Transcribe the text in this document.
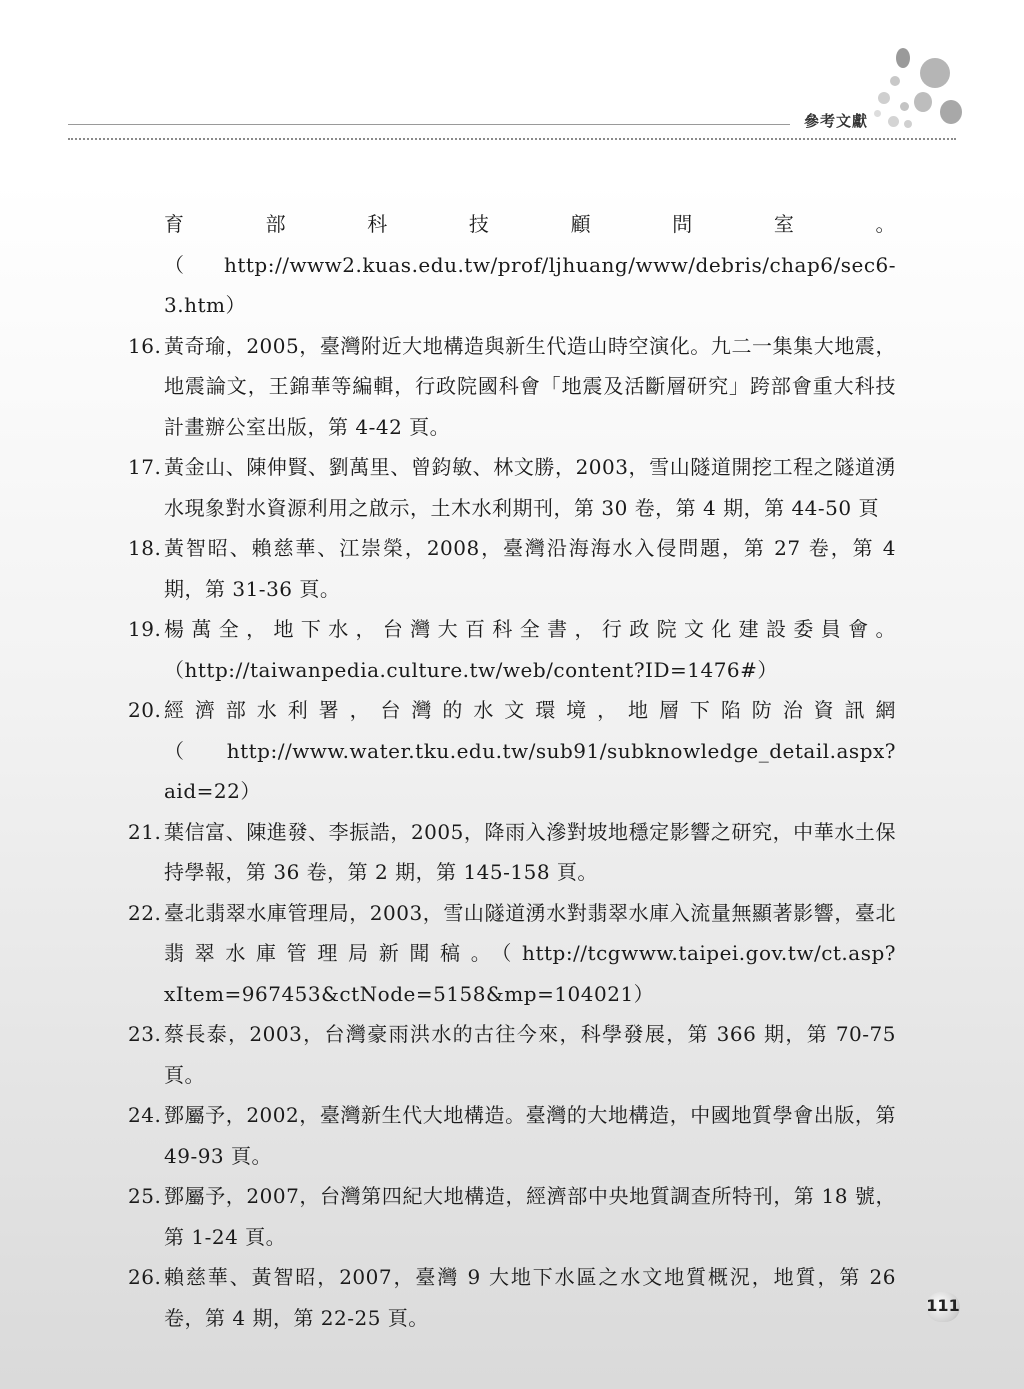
參考文獻
育部科技顧問室。（http://www2.kuas.edu.tw/prof/ljhuang/www/debris/chap6/sec6-3.htm）
16. 黃奇瑜，2005，臺灣附近大地構造與新生代造山時空演化。九二一集集大地震，地震論文，王錦華等編輯，行政院國科會「地震及活斷層研究」跨部會重大科技計畫辦公室出版，第 4-42 頁。
17. 黃金山、陳伸賢、劉萬里、曾鈞敏、林文勝，2003，雪山隧道開挖工程之隧道湧水現象對水資源利用之啟示，土木水利期刊，第 30 卷，第 4 期，第 44-50 頁
18. 黃智昭、賴慈華、江崇榮，2008，臺灣沿海海水入侵問題，第 27 卷，第 4 期，第 31-36 頁。
19. 楊萬全，地下水，台灣大百科全書，行政院文化建設委員會。（http://taiwanpedia.culture.tw/web/content?ID=1476#）
20. 經濟部水利署，台灣的水文環境，地層下陷防治資訊網（http://www.water.tku.edu.tw/sub91/subknowledge_detail.aspx?aid=22）
21. 葉信富、陳進發、李振誥，2005，降雨入滲對坡地穩定影響之研究，中華水土保持學報，第 36 卷，第 2 期，第 145-158 頁。
22. 臺北翡翠水庫管理局，2003，雪山隧道湧水對翡翠水庫入流量無顯著影響，臺北翡翠水庫管理局新聞稿。（http://tcgwww.taipei.gov.tw/ct.asp?xItem=967453&ctNode=5158&mp=104021）
23. 蔡長泰，2003，台灣豪雨洪水的古往今來，科學發展，第 366 期，第 70-75 頁。
24. 鄧屬予，2002，臺灣新生代大地構造。臺灣的大地構造，中國地質學會出版，第 49-93 頁。
25. 鄧屬予，2007，台灣第四紀大地構造，經濟部中央地質調查所特刊，第 18 號，第 1-24 頁。
26. 賴慈華、黃智昭，2007，臺灣 9 大地下水區之水文地質概況，地質，第 26 卷，第 4 期，第 22-25 頁。	111
